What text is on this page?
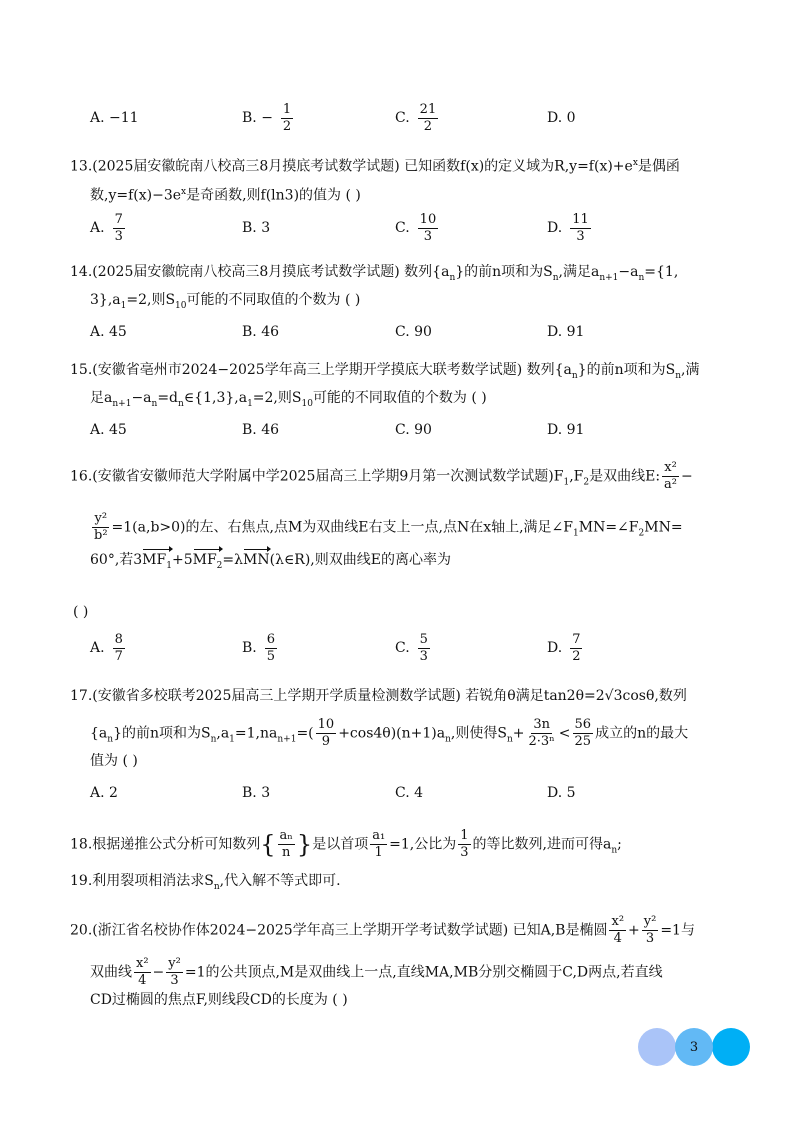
A. −11	B. − $\frac{1}{2}$	C. $\frac{21}{2}$	D. 0
13.(2025届安徽皖南八校高三8月摸底考试数学试题) 已知函数f(x)的定义域为$R,y=f(x)+e^x$是偶函
数$,y=f(x)-3e^x$是奇函数,则f(ln3)的值为 ( )
A. $\frac{7}{3}$	B. 3	C. $\frac{10}{3}$	D. $\frac{11}{3}$
14.(2025届安徽皖南八校高三8月摸底考试数学试题) 数列$\{a_n\}$的前n项和为$S_n$,满足$a_{n+1}-a_n=\{1$,
$3\},a_1=2$,则$S_{10}$可能的不同取值的个数为 ( )
A. 45	B. 46	C. 90	D. 91
15.(安徽省亳州市2024−2025学年高三上学期开学摸底大联考数学试题) 数列$\{a_n\}$的前n项和为$S_n$,满
足$a_{n+1}-a_n=d_n\in\{1,3\},a_1=2$,则$S_{10}$可能的不同取值的个数为 ( )
A. 45	B. 46	C. 90	D. 91
16.(安徽省安徽师范大学附属中学2025届高三上学期9月第一次测试数学试题)$F_1,F_2$是双曲线E: $\frac{\text{x²}}{\text{a²}}$ −
$\frac{\text{y²}}{\text{b²}} =1(a,b>0)$的左、右焦点,点M为双曲线E右支上一点,点N在x轴上,满足$\angle F_1MN=\angle F_2MN=$
60°,若$3MF_1+5MF_2=\lambda MN(\lambda\in R)$,则双曲线E的离心率为
( )
A. $\frac{8}{7}$	B. $\frac{6}{5}$	C. $\frac{5}{3}$	D. $\frac{7}{2}$
17.(安徽省多校联考2025届高三上学期开学质量检测数学试题) 若锐角θ满足tan2θ=2√3cosθ,数列
$\{a_n\}$的前n项和为$S_n,a_1=1,na_{n+1}=( \frac{10}{9} +\cos 4\theta)(n+1)a_n$,则使得$S_n+ \frac{3n}{\text{2·3ⁿ}} < \frac{56}{25}$ 成立的n的最大
值为 ( )
A. 2	B. 3	C. 4	D. 5
18.根据递推公式分析可知数列{ $\frac{\text{aₙ}}{n}$ }是以首项 $\frac{\text{a₁}}{1} =1$,公比为 $\frac{1}{3}$ 的等比数列,进而可得$a_n$;
19.利用裂项相消法求$S_n$,代入解不等式即可.
20.(浙江省名校协作体2024−2025学年高三上学期开学考试数学试题) 已知A,B是椭圆 $\frac{\text{x²}}{4} + \frac{\text{y²}}{3} =1$与
双曲线 $\frac{\text{x²}}{4} - \frac{\text{y²}}{3} =1$的公共顶点,M是双曲线上一点,直线MA,MB分别交椭圆于C,D两点,若直线
CD过椭圆的焦点F,则线段CD的长度为 ( )
3
